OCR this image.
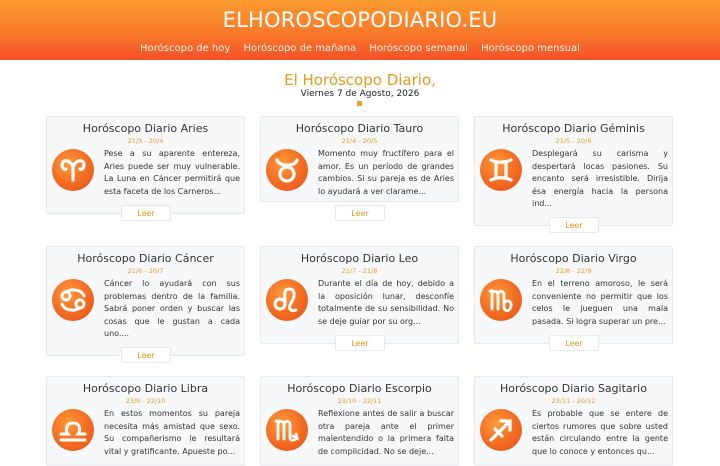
ELHOROSCOPODIARIO.EU
Horóscopo de hoy Horóscopo de mañana Horóscopo semanal Horóscopo mensual
El Horóscopo Diario,
Viernes 7 de Agosto, 2026
Horóscopo Diario Aries
21/3 - 20/4
Pese a su aparente entereza, Aries puede ser muy vulnerable. La Luna en Cáncer permitirá que esta faceta de los Carneros...
Leer
Horóscopo Diario Tauro
21/4 - 20/5
Momento muy fructífero para el amor. Es un período de grandes cambios. Si su pareja es de Aries lo ayudará a ver clarame...
Leer
Horóscopo Diario Géminis
21/5 - 20/6
Desplegará su carisma y despertará locas pasiones. Su encanto será irresistible. Dirija ésa energía hacia la persona ind...
Leer
Horóscopo Diario Cáncer
21/6 - 20/7
Cáncer lo ayudará con sus problemas dentro de la familia. Sabrá poner orden y buscar las cosas que le gustan a cada uno....
Leer
Horóscopo Diario Leo
21/7 - 21/8
Durante el día de hoy, debido a la oposición lunar, desconfíe totalmente de su sensibilidad. No se deje guiar por su org...
Leer
Horóscopo Diario Virgo
22/8 - 22/9
En el terreno amoroso, le será conveniente no permitir que los celos le jueguen una mala pasada. Si logra superar un pre...
Leer
Horóscopo Diario Libra
23/9 - 22/10
En estos momentos su pareja necesita más amistad que sexo. Su compañerismo le resultará vital y gratificante. Apueste po...
Horóscopo Diario Escorpio
23/10 - 22/11
Reflexione antes de salir a buscar otra pareja ante el primer malentendido o la primera falta de complicidad. No se deje...
Horóscopo Diario Sagitario
23/11 - 20/12
Es probable que se entere de ciertos rumores que sobre usted están circulando entre la gente que lo conoce y entonces qu...
